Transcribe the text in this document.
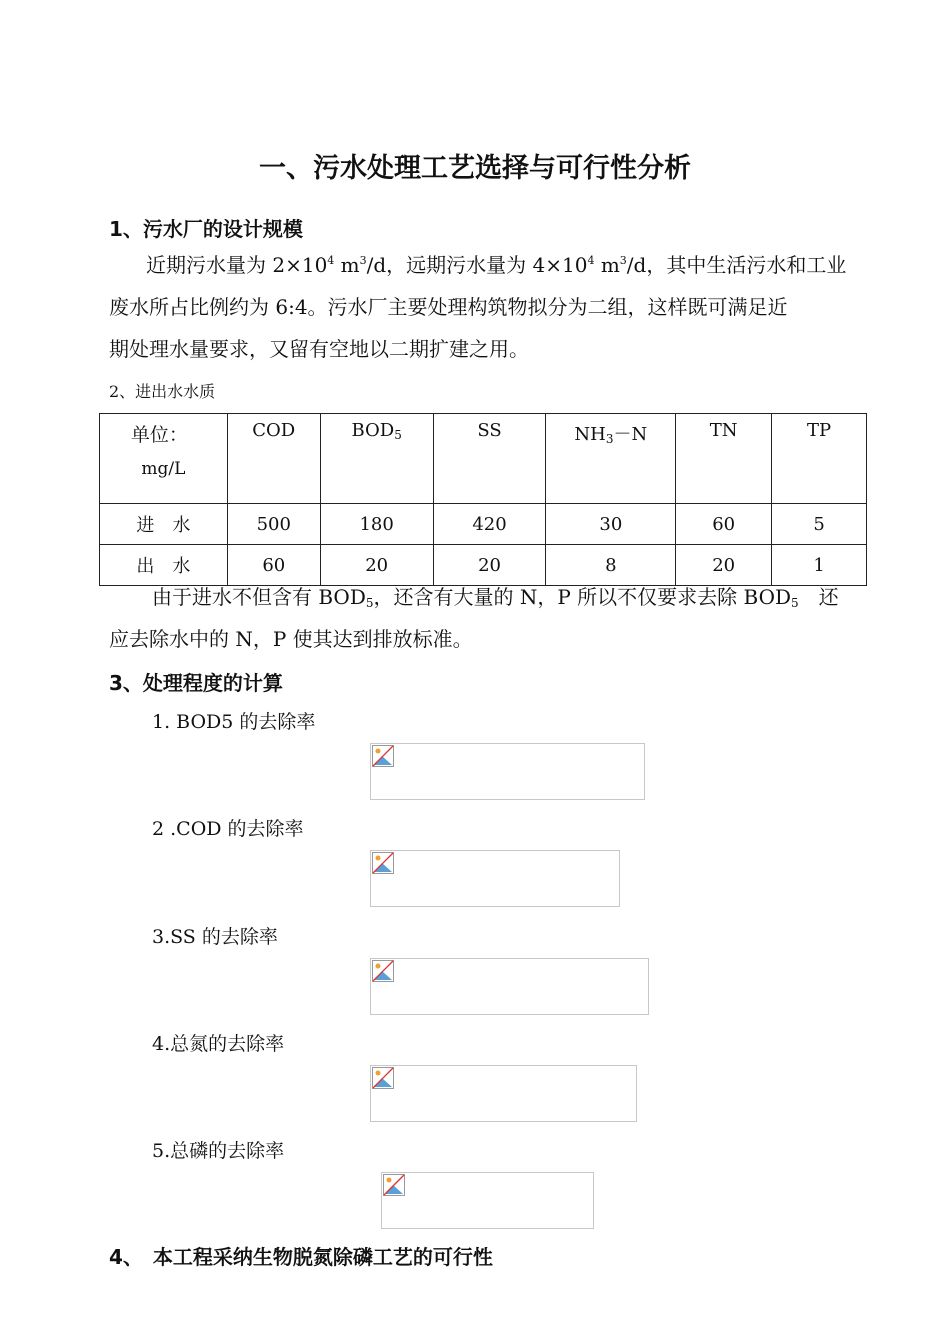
一、污水处理工艺选择与可行性分析
1、污水厂的设计规模
近期污水量为 $2\times 10^4$ $m^3/d$，远期污水量为 $4\times 10^4$ $m^3/d$，其中生活污水和工业
废水所占比例约为 6:4。污水厂主要处理构筑物拟分为二组，这样既可满足近
期处理水量要求，又留有空地以二期扩建之用。
2、进出水水质
单位：
mg/L	COD	$BOD_5$	SS	$NH_3-N$	TN	TP
进　水	500	180	420	30	60	5
出　水	60	20	20	8	20	1
由于进水不但含有 $BOD_5$，还含有大量的 N，P 所以不仅要求去除 $BOD_5$　还
应去除水中的 N，P 使其达到排放标准。
3、处理程度的计算
1. BOD5 的去除率
2 .COD 的去除率
3.SS 的去除率
4.总氮的去除率
5.总磷的去除率
4、　本工程采纳生物脱氮除磷工艺的可行性
